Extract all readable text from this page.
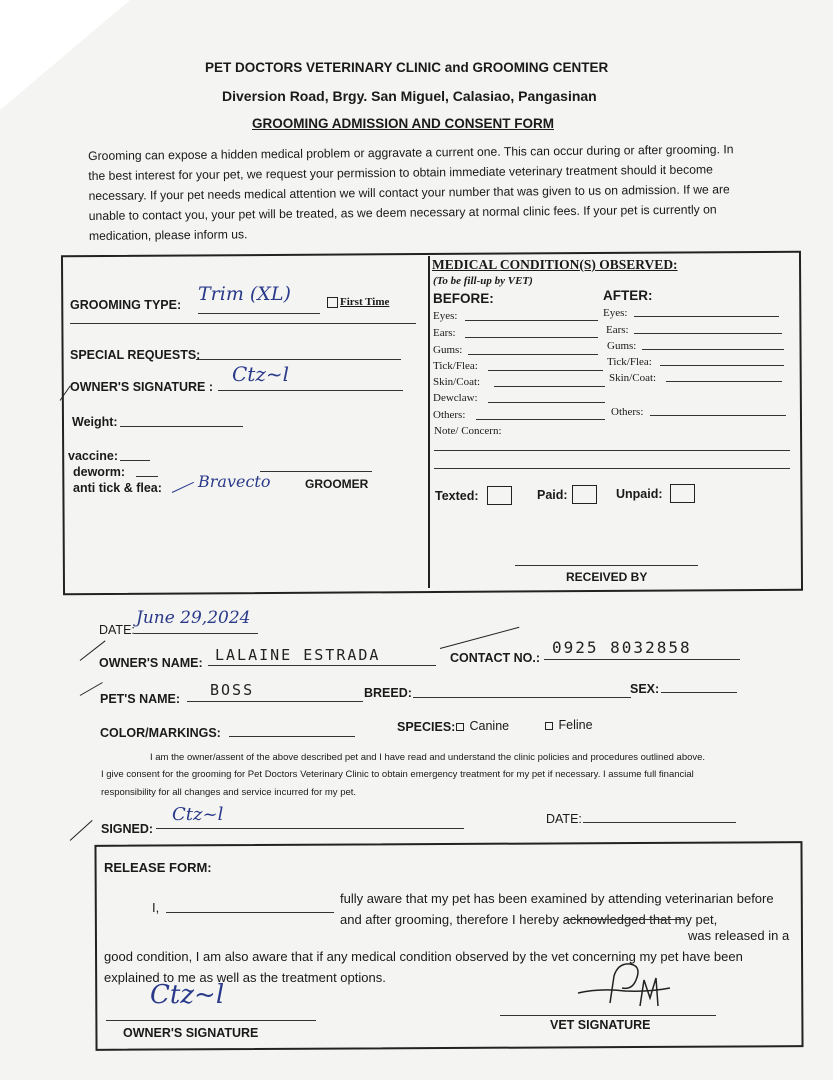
PET DOCTORS VETERINARY CLINIC and GROOMING CENTER
Diversion Road, Brgy. San Miguel, Calasiao, Pangasinan
GROOMING ADMISSION AND CONSENT FORM
Grooming can expose a hidden medical problem or aggravate a current one. This can occur during or after grooming. In the best interest for your pet, we request your permission to obtain immediate veterinary treatment should it become necessary. If your pet needs medical attention we will contact your number that was given to us on admission. If we are unable to contact you, your pet will be treated, as we deem necessary at normal clinic fees. If your pet is currently on medication, please inform us.
GROOMING TYPE: Trim (XL)	First Time
SPECIAL REQUESTS:
OWNER'S SIGNATURE :
Ctz~l
Weight:
vaccine:
deworm:
anti tick & flea: Bravecto	GROOMER
MEDICAL CONDITION(S) OBSERVED:
(To be fill-up by VET)
BEFORE:	AFTER:
Eyes:
Ears:
Gums:
Tick/Flea:
Skin/Coat:
Dewclaw:
Others:
Eyes:
Ears:
Gums:
Tick/Flea:
Skin/Coat:
Others:
Note/ Concern:
Texted:	Paid:	Unpaid:
RECEIVED BY
DATE:
June 29,2024
OWNER'S NAME: LALAINE ESTRADA	CONTACT NO.:
0925 8032858
PET'S NAME: BOSS	BREED:	SEX:
COLOR/MARKINGS:	SPECIES:	Canine	Feline
I am the owner/assent of the above described pet and I have read and understand the clinic policies and procedures outlined above.
I give consent for the grooming for Pet Doctors Veterinary Clinic to obtain emergency treatment for my pet if necessary. I assume full financial
responsibility for all changes and service incurred for my pet.
SIGNED:
Ctz~l	DATE:
RELEASE FORM:
I,
fully aware that my pet has been examined by attending veterinarian before and after grooming, therefore I hereby acknowledged that my pet,
was released in a good condition, I am also aware that if any medical condition observed by the vet concerning my pet have been explained to me as well as the treatment options.
Ctz~l
OWNER'S SIGNATURE
VET SIGNATURE
